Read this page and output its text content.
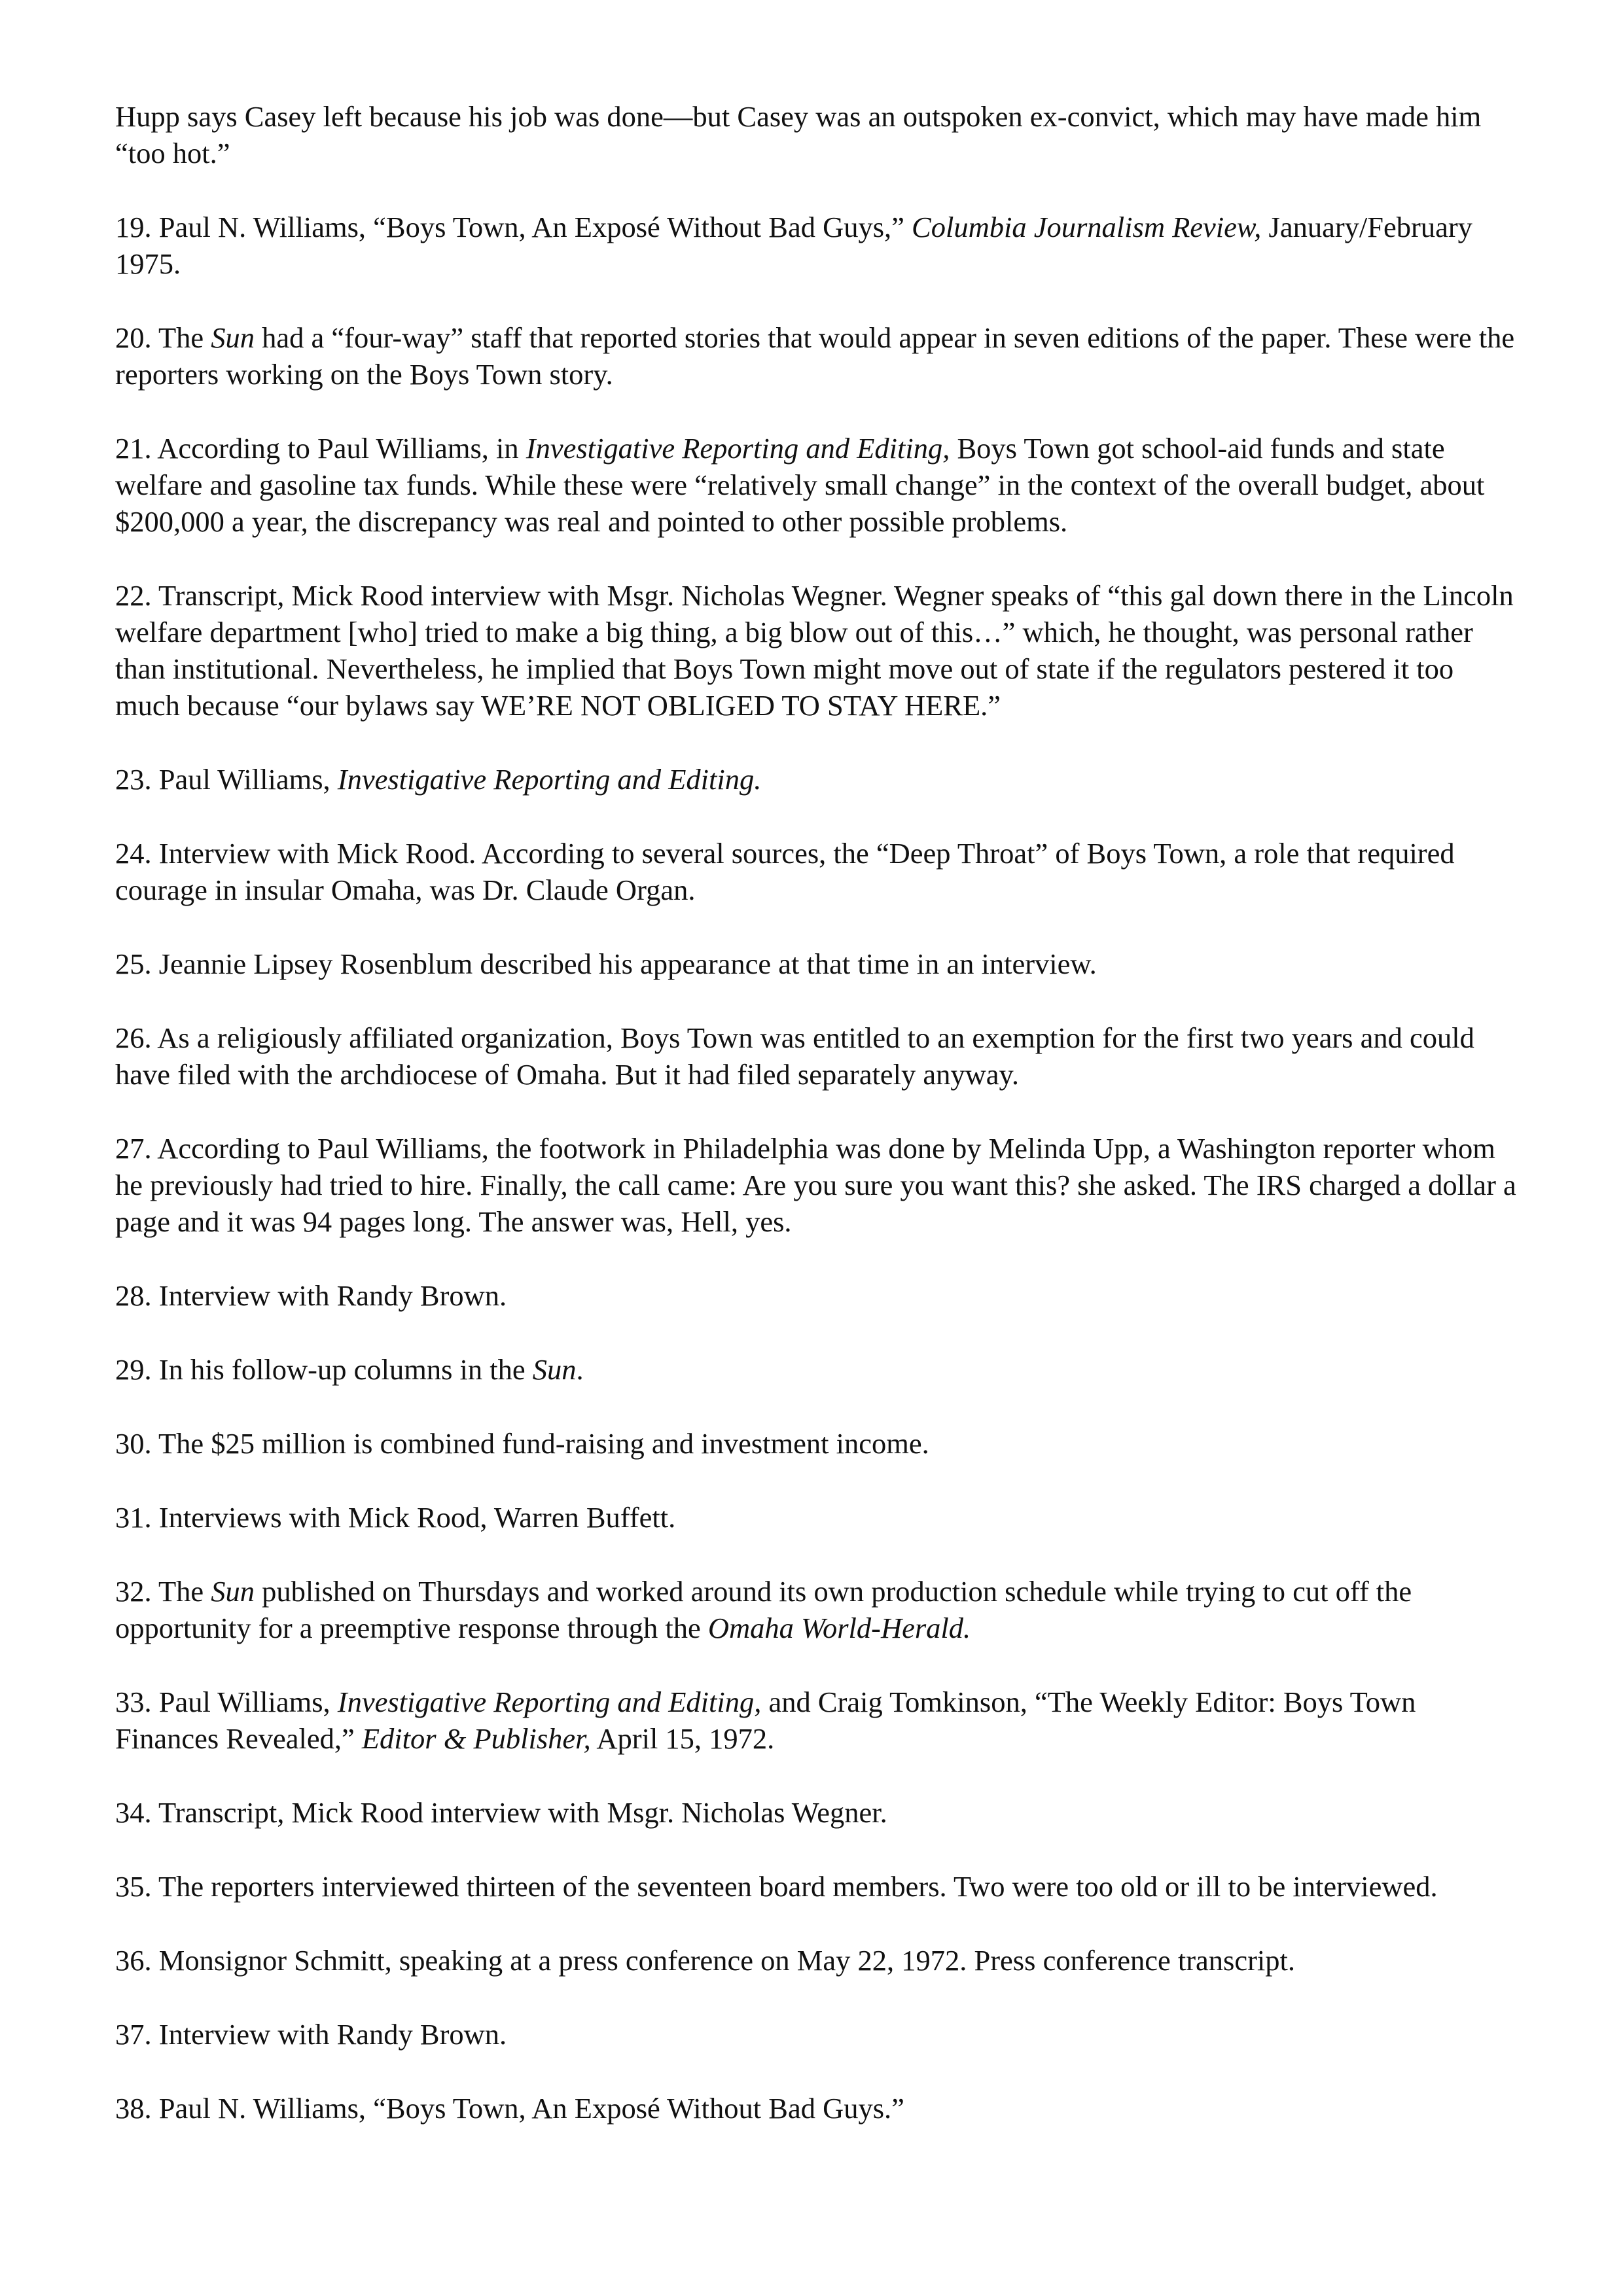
Hupp says Casey left because his job was done—but Casey was an outspoken ex-convict, which may have made him “too hot.”

19. Paul N. Williams, “Boys Town, An Exposé Without Bad Guys,” Columbia Journalism Review, January/February 1975.

20. The Sun had a “four-way” staff that reported stories that would appear in seven editions of the paper. These were the reporters working on the Boys Town story.

21. According to Paul Williams, in Investigative Reporting and Editing, Boys Town got school-aid funds and state welfare and gasoline tax funds. While these were “relatively small change” in the context of the overall budget, about $200,000 a year, the discrepancy was real and pointed to other possible problems.

22. Transcript, Mick Rood interview with Msgr. Nicholas Wegner. Wegner speaks of “this gal down there in the Lincoln welfare department [who] tried to make a big thing, a big blow out of this…” which, he thought, was personal rather than institutional. Nevertheless, he implied that Boys Town might move out of state if the regulators pestered it too much because “our bylaws say WE’RE NOT OBLIGED TO STAY HERE.”

23. Paul Williams, Investigative Reporting and Editing.

24. Interview with Mick Rood. According to several sources, the “Deep Throat” of Boys Town, a role that required courage in insular Omaha, was Dr. Claude Organ.

25. Jeannie Lipsey Rosenblum described his appearance at that time in an interview.

26. As a religiously affiliated organization, Boys Town was entitled to an exemption for the first two years and could have filed with the archdiocese of Omaha. But it had filed separately anyway.

27. According to Paul Williams, the footwork in Philadelphia was done by Melinda Upp, a Washington reporter whom he previously had tried to hire. Finally, the call came: Are you sure you want this? she asked. The IRS charged a dollar a page and it was 94 pages long. The answer was, Hell, yes.

28. Interview with Randy Brown.

29. In his follow-up columns in the Sun.

30. The $25 million is combined fund-raising and investment income.

31. Interviews with Mick Rood, Warren Buffett.

32. The Sun published on Thursdays and worked around its own production schedule while trying to cut off the opportunity for a preemptive response through the Omaha World-Herald.

33. Paul Williams, Investigative Reporting and Editing, and Craig Tomkinson, “The Weekly Editor: Boys Town Finances Revealed,” Editor & Publisher, April 15, 1972.

34. Transcript, Mick Rood interview with Msgr. Nicholas Wegner.

35. The reporters interviewed thirteen of the seventeen board members. Two were too old or ill to be interviewed.

36. Monsignor Schmitt, speaking at a press conference on May 22, 1972. Press conference transcript.

37. Interview with Randy Brown.

38. Paul N. Williams, “Boys Town, An Exposé Without Bad Guys.”
